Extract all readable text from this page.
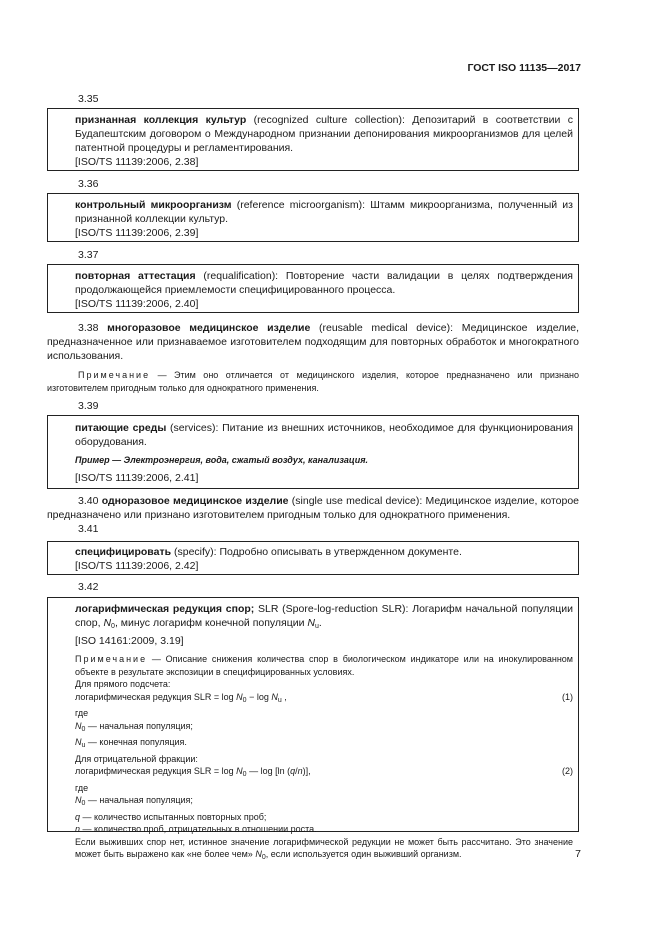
ГОСТ ISO 11135—2017
3.35
признанная коллекция культур (recognized culture collection): Депозитарий в соответствии с Будапештским договором о Международном признании депонирования микроорганизмов для целей патентной процедуры и регламентирования.
[ISO/TS 11139:2006, 2.38]
3.36
контрольный микроорганизм (reference microorganism): Штамм микроорганизма, полученный из признанной коллекции культур.
[ISO/TS 11139:2006, 2.39]
3.37
повторная аттестация (requalification): Повторение части валидации в целях подтверждения продолжающейся приемлемости специфицированного процесса.
[ISO/TS 11139:2006, 2.40]
3.38 многоразовое медицинское изделие (reusable medical device): Медицинское изделие, предназначенное или признаваемое изготовителем подходящим для повторных обработок и многократного использования.
Примечание — Этим оно отличается от медицинского изделия, которое предназначено или признано изготовителем пригодным только для однократного применения.
3.39
питающие среды (services): Питание из внешних источников, необходимое для функционирования оборудования.
Пример — Электроэнергия, вода, сжатый воздух, канализация.
[ISO/TS 11139:2006, 2.41]
3.40 одноразовое медицинское изделие (single use medical device): Медицинское изделие, которое предназначено или признано изготовителем пригодным только для однократного применения.
3.41
специфицировать (specify): Подробно описывать в утвержденном документе.
[ISO/TS 11139:2006, 2.42]
3.42
логарифмическая редукция спор; SLR (Spore-log-reduction SLR): Логарифм начальной популяции спор, $N_0$, минус логарифм конечной популяции $N_u$.
[ISO 14161:2009, 3.19]
Примечание — Описание снижения количества спор в биологическом индикаторе или на инокулированном объекте в результате экспозиции в специфицированных условиях.
Для прямого подсчета:
логарифмическая редукция SLR = $\log N_0 - \log N_u$ ,	(1)
где
$N_0$ — начальная популяция;
$N_u$ — конечная популяция.
Для отрицательной фракции:
логарифмическая редукция SLR = $\log N_0$ — log [ln (q/n)],	(2)
где
$N_0$ — начальная популяция;
q — количество испытанных повторных проб;
n — количество проб, отрицательных в отношении роста.
Если выживших спор нет, истинное значение логарифмической редукции не может быть рассчитано. Это значение может быть выражено как «не более чем» $N_0$, если используется один выживший организм.	7
